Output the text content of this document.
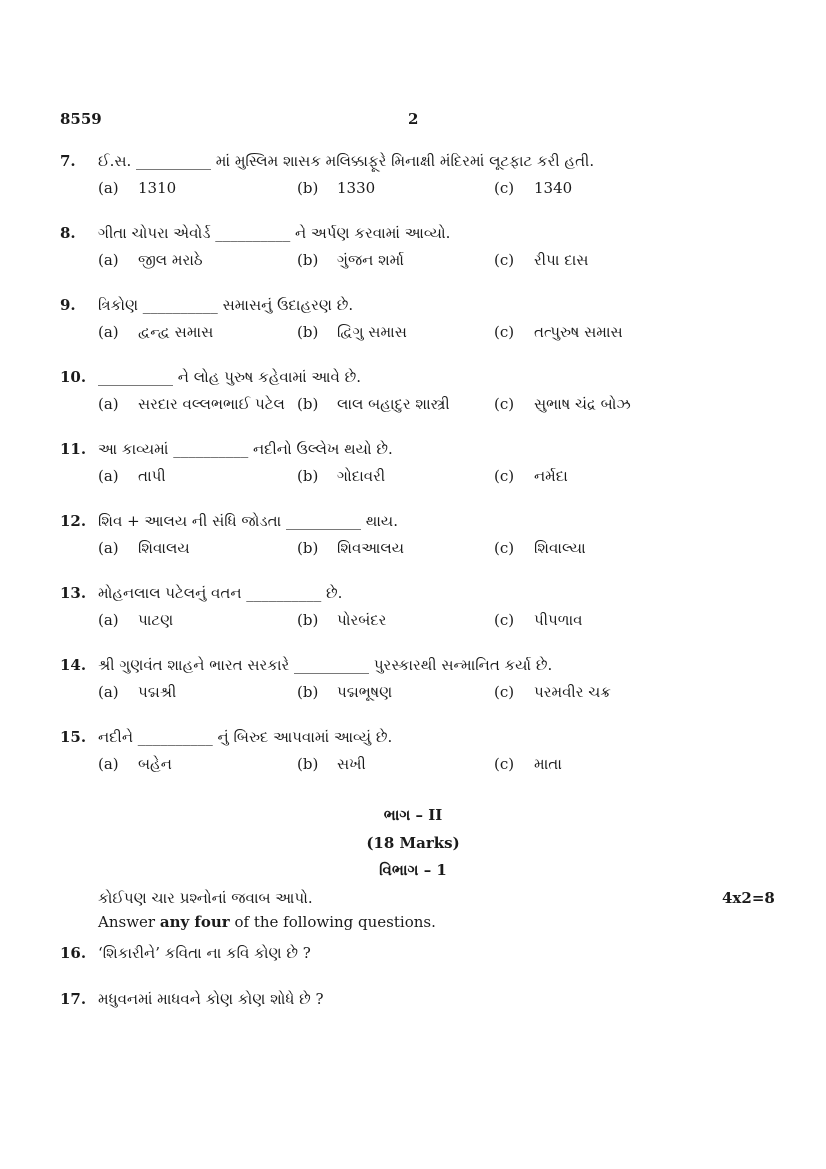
8559	2
7.	ઈ.સ. __________ માં મુસ્લિમ શાસક મલિક્કાફૂરે મિનાક્ષી મંદિરમાં લૂટફાટ કરી હતી.
(a)	1310	(b)	1330	(c)	1340
8.	ગીતા ચોપરા એવોર્ડ __________ ને અર્પણ કરવામાં આવ્યો.
(a)	જીલ મરાઠે	(b)	ગુંજન શર્મા	(c)	રીપા દાસ
9.	ત્રિકોણ __________ સમાસનું ઉદાહરણ છે.
(a)	દ્વન્દ્વ સમાસ	(b)	દ્વિગુ સમાસ	(c)	તત્પુરુષ સમાસ
10. __________ ને લોહ પુરુષ કહેવામાં આવે છે.
(a)	સરદાર વલ્લભભાઈ પટેલ (b)	લાલ બહાદુર શાસ્ત્રી	(c)	સુભાષ ચંદ્ર બોઝ
11. આ કાવ્યમાં __________ નદીનો ઉલ્લેખ થયો છે.
(a)	તાપી	(b)	ગોદાવરી	(c)	નર્મદા
12. શિવ + આલય ની સંધિ જોડતા __________ થાય.
(a)	શિવાલય	(b)	શિવઆલય	(c)	શિવાલ્યા
13. મોહનલાલ પટેલનું વતન __________ છે.
(a)	પાટણ	(b)	પોરબંદર	(c)	પીપળાવ
14. શ્રી ગુણવંત શાહને ભારત સરકારે __________ પુરસ્કારથી સન્માનિત કર્યા છે.
(a)	પદ્મશ્રી	(b)	પદ્મભૂષણ	(c)	પરમવીર ચક્ર
15. નદીને __________ નું બિરુદ આપવામાં આવ્યું છે.
(a)	બહેન	(b)	સખી	(c)	માતા
ભાગ – II
(18 Marks)
વિભાગ – 1
કોઈપણ ચાર પ્રશ્નોનાં જવાબ આપો.	4x2=8
Answer any four of the following questions.
16. ‘શિકારીને’ કવિતા ના કવિ કોણ છે ?
17. મધુવનમાં માધવને કોણ કોણ શોધે છે ?
